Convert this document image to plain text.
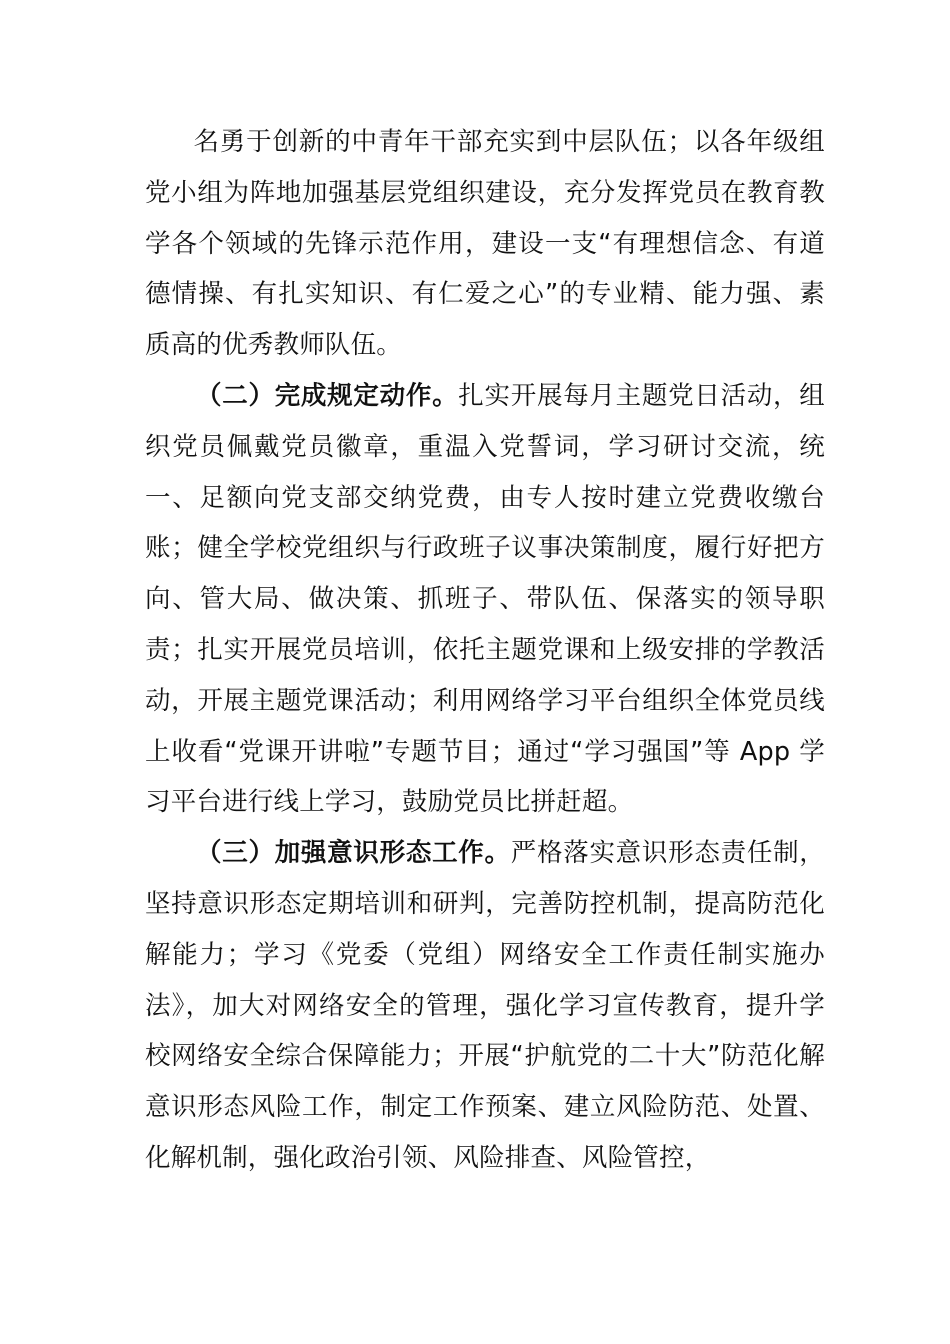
名勇于创新的中青年干部充实到中层队伍；以各年级组党小组为阵地加强基层党组织建设，充分发挥党员在教育教学各个领域的先锋示范作用，建设一支“有理想信念、有道德情操、有扎实知识、有仁爱之心”的专业精、能力强、素质高的优秀教师队伍。

（二）完成规定动作。扎实开展每月主题党日活动，组织党员佩戴党员徽章，重温入党誓词，学习研讨交流，统一、足额向党支部交纳党费，由专人按时建立党费收缴台账；健全学校党组织与行政班子议事决策制度，履行好把方向、管大局、做决策、抓班子、带队伍、保落实的领导职责；扎实开展党员培训，依托主题党课和上级安排的学教活动，开展主题党课活动；利用网络学习平台组织全体党员线上收看“党课开讲啦”专题节目；通过“学习强国”等 App 学习平台进行线上学习，鼓励党员比拼赶超。

（三）加强意识形态工作。严格落实意识形态责任制，坚持意识形态定期培训和研判，完善防控机制，提高防范化解能力；学习《党委（党组）网络安全工作责任制实施办法》，加大对网络安全的管理，强化学习宣传教育，提升学校网络安全综合保障能力；开展“护航党的二十大”防范化解意识形态风险工作，制定工作预案、建立风险防范、处置、化解机制，强化政治引领、风险排查、风险管控，
